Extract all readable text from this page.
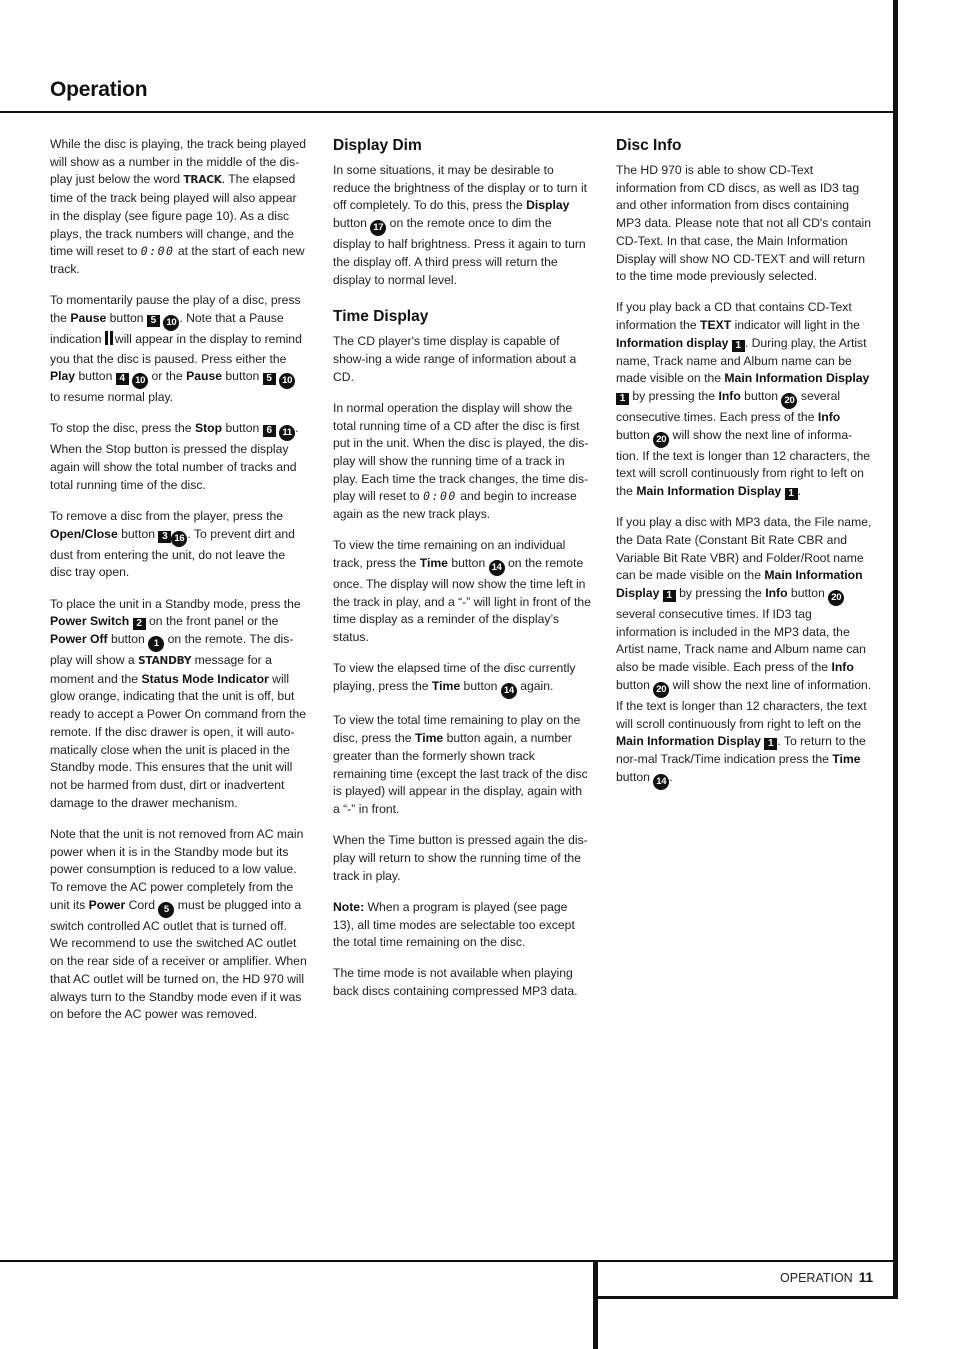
Operation

While the disc is playing, the track being played will show as a number in the middle of the dis-play just below the word TRACK. The elapsed time of the track being played will also appear in the display (see figure page 10). As a disc plays, the track numbers will change, and the time will reset to 0:00 at the start of each new track.

To momentarily pause the play of a disc, press the Pause button 5 10 . Note that a Pause indication will appear in the display to remind you that the disc is paused. Press either the Play button 4 10 or the Pause button 5 10 to resume normal play.

To stop the disc, press the Stop button 6 11 . When the Stop button is pressed the display again will show the total number of tracks and total running time of the disc.

To remove a disc from the player, press the Open/Close button 3 16 . To prevent dirt and dust from entering the unit, do not leave the disc tray open.

To place the unit in a Standby mode, press the Power Switch 2 on the front panel or the Power Off button 1 on the remote. The dis-play will show a STANDBY message for a moment and the Status Mode Indicator will glow orange, indicating that the unit is off, but ready to accept a Power On command from the remote. If the disc drawer is open, it will auto-matically close when the unit is placed in the Standby mode. This ensures that the unit will not be harmed from dust, dirt or inadvertent damage to the drawer mechanism.

Note that the unit is not removed from AC main power when it is in the Standby mode but its power consumption is reduced to a low value. To remove the AC power completely from the unit its Power Cord 5 must be plugged into a switch controlled AC outlet that is turned off. We recommend to use the switched AC outlet on the rear side of a receiver or amplifier. When that AC outlet will be turned on, the HD 970 will always turn to the Standby mode even if it was on before the AC power was removed.

Display Dim

In some situations, it may be desirable to reduce the brightness of the display or to turn it off completely. To do this, press the Display button 17 on the remote once to dim the display to half brightness. Press it again to turn the display off. A third press will return the display to normal level.

Time Display

The CD player's time display is capable of show-ing a wide range of information about a CD.

In normal operation the display will show the total running time of a CD after the disc is first put in the unit. When the disc is played, the dis-play will show the running time of a track in play. Each time the track changes, the time dis-play will reset to 0:00 and begin to increase again as the new track plays.

To view the time remaining on an individual track, press the Time button 14 on the remote once. The display will now show the time left in the track in play, and a “-” will light in front of the time display as a reminder of the display’s status.

To view the elapsed time of the disc currently playing, press the Time button 14 again.

To view the total time remaining to play on the disc, press the Time button again, a number greater than the formerly shown track remaining time (except the last track of the disc is played) will appear in the display, again with a “-” in front.

When the Time button is pressed again the dis-play will return to show the running time of the track in play.

Note: When a program is played (see page 13), all time modes are selectable too except the total time remaining on the disc.

The time mode is not available when playing back discs containing compressed MP3 data.

Disc Info

The HD 970 is able to show CD-Text information from CD discs, as well as ID3 tag and other information from discs containing MP3 data. Please note that not all CD's contain CD-Text. In that case, the Main Information Display will show NO CD-TEXT and will return to the time mode previously selected.

If you play back a CD that contains CD-Text information the TEXT indicator will light in the Information display 1 . During play, the Artist name, Track name and Album name can be made visible on the Main Information Display 1 by pressing the Info button 20 several consecutive times. Each press of the Info button 20 will show the next line of informa-tion. If the text is longer than 12 characters, the text will scroll continuously from right to left on the Main Information Display 1 .

If you play a disc with MP3 data, the File name, the Data Rate (Constant Bit Rate CBR and Variable Bit Rate VBR) and Folder/Root name can be made visible on the Main Information Display 1 by pressing the Info button 20 several consecutive times. If ID3 tag information is included in the MP3 data, the Artist name, Track name and Album name can also be made visible. Each press of the Info button 20 will show the next line of information. If the text is longer than 12 characters, the text will scroll continuously from right to left on the Main Information Display 1 . To return to the nor-mal Track/Time indication press the Time button 14 .

OPERATION 11
